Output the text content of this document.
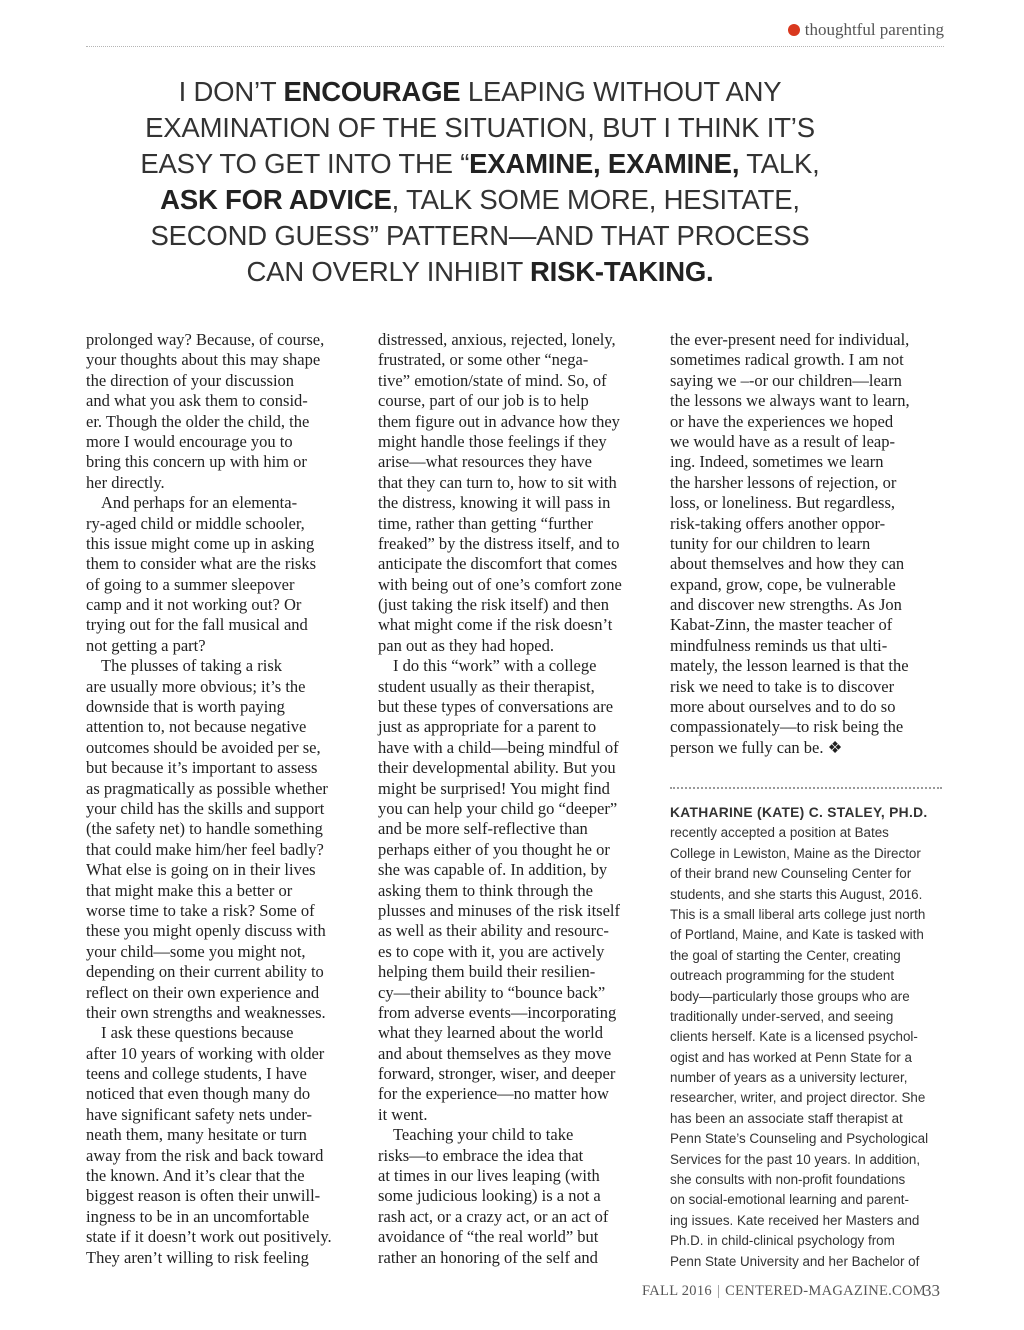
thoughtful parenting
I DON’T ENCOURAGE LEAPING WITHOUT ANY
EXAMINATION OF THE SITUATION, BUT I THINK IT’S
EASY TO GET INTO THE “EXAMINE, EXAMINE, TALK,
ASK FOR ADVICE, TALK SOME MORE, HESITATE,
SECOND GUESS” PATTERN—AND THAT PROCESS
CAN OVERLY INHIBIT RISK-TAKING.
prolonged way? Because, of course,
your thoughts about this may shape
the direction of your discussion
and what you ask them to consid-
er. Though the older the child, the
more I would encourage you to
bring this concern up with him or
her directly.
And perhaps for an elementa-
ry-aged child or middle schooler,
this issue might come up in asking
them to consider what are the risks
of going to a summer sleepover
camp and it not working out? Or
trying out for the fall musical and
not getting a part?
The plusses of taking a risk
are usually more obvious; it’s the
downside that is worth paying
attention to, not because negative
outcomes should be avoided per se,
but because it’s important to assess
as pragmatically as possible whether
your child has the skills and support
(the safety net) to handle something
that could make him/her feel badly?
What else is going on in their lives
that might make this a better or
worse time to take a risk? Some of
these you might openly discuss with
your child—some you might not,
depending on their current ability to
reflect on their own experience and
their own strengths and weaknesses.
I ask these questions because
after 10 years of working with older
teens and college students, I have
noticed that even though many do
have significant safety nets under-
neath them, many hesitate or turn
away from the risk and back toward
the known. And it’s clear that the
biggest reason is often their unwill-
ingness to be in an uncomfortable
state if it doesn’t work out positively.
They aren’t willing to risk feeling
distressed, anxious, rejected, lonely,
frustrated, or some other “nega-
tive” emotion/state of mind. So, of
course, part of our job is to help
them figure out in advance how they
might handle those feelings if they
arise—what resources they have
that they can turn to, how to sit with
the distress, knowing it will pass in
time, rather than getting “further
freaked” by the distress itself, and to
anticipate the discomfort that comes
with being out of one’s comfort zone
(just taking the risk itself) and then
what might come if the risk doesn’t
pan out as they had hoped.
I do this “work” with a college
student usually as their therapist,
but these types of conversations are
just as appropriate for a parent to
have with a child—being mindful of
their developmental ability. But you
might be surprised! You might find
you can help your child go “deeper”
and be more self-reflective than
perhaps either of you thought he or
she was capable of. In addition, by
asking them to think through the
plusses and minuses of the risk itself
as well as their ability and resourc-
es to cope with it, you are actively
helping them build their resilien-
cy—their ability to “bounce back”
from adverse events—incorporating
what they learned about the world
and about themselves as they move
forward, stronger, wiser, and deeper
for the experience—no matter how
it went.
Teaching your child to take
risks—to embrace the idea that
at times in our lives leaping (with
some judicious looking) is a not a
rash act, or a crazy act, or an act of
avoidance of “the real world” but
rather an honoring of the self and
the ever-present need for individual,
sometimes radical growth. I am not
saying we –-or our children—learn
the lessons we always want to learn,
or have the experiences we hoped
we would have as a result of leap-
ing. Indeed, sometimes we learn
the harsher lessons of rejection, or
loss, or loneliness. But regardless,
risk-taking offers another oppor-
tunity for our children to learn
about themselves and how they can
expand, grow, cope, be vulnerable
and discover new strengths. As Jon
Kabat-Zinn, the master teacher of
mindfulness reminds us that ulti-
mately, the lesson learned is that the
risk we need to take is to discover
more about ourselves and to do so
compassionately—to risk being the
person we fully can be. ❖
KATHARINE (KATE) C. STALEY, PH.D.
recently accepted a position at Bates
College in Lewiston, Maine as the Director
of their brand new Counseling Center for
students, and she starts this August, 2016.
This is a small liberal arts college just north
of Portland, Maine, and Kate is tasked with
the goal of starting the Center, creating
outreach programming for the student
body—particularly those groups who are
traditionally under-served, and seeing
clients herself. Kate is a licensed psychol-
ogist and has worked at Penn State for a
number of years as a university lecturer,
researcher, writer, and project director. She
has been an associate staff therapist at
Penn State’s Counseling and Psychological
Services for the past 10 years. In addition,
she consults with non-profit foundations
on social-emotional learning and parent-
ing issues. Kate received her Masters and
Ph.D. in child-clinical psychology from
Penn State University and her Bachelor of
FALL 2016 | CENTERED-MAGAZINE.COM
33
